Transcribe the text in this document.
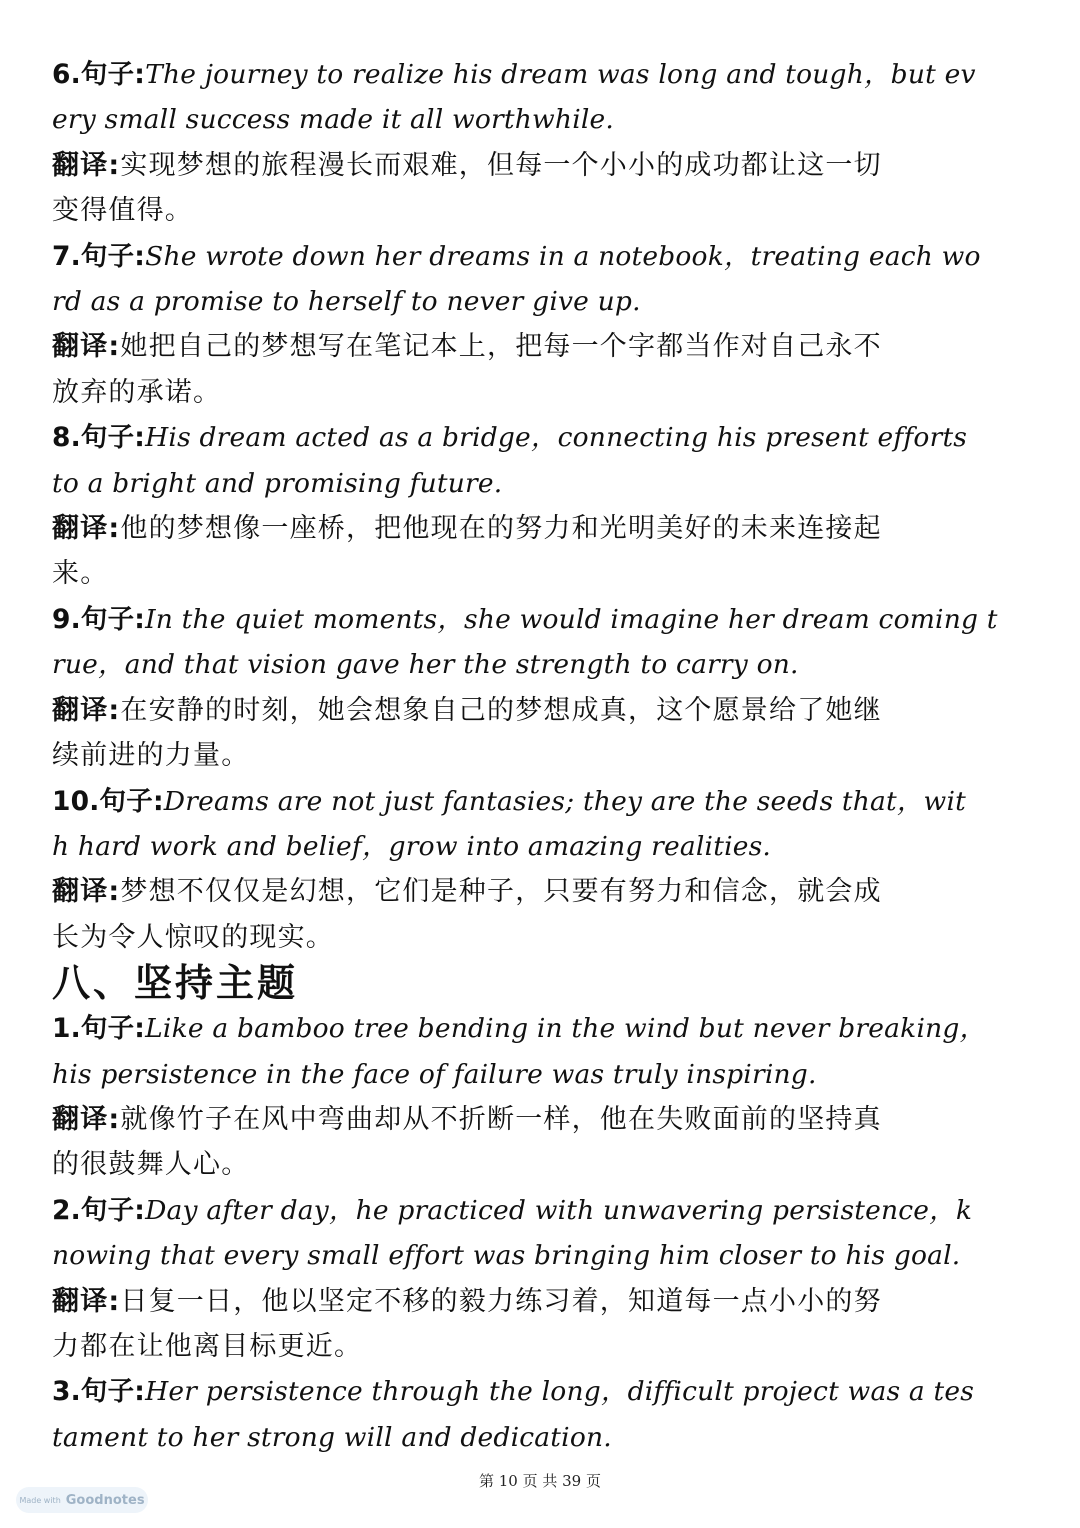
6.句子:The journey to realize his dream was long and tough，but ev
ery small success made it all worthwhile.
翻译:实现梦想的旅程漫长而艰难，但每一个小小的成功都让这一切
变得值得。
7.句子:She wrote down her dreams in a notebook，treating each wo
rd as a promise to herself to never give up.
翻译:她把自己的梦想写在笔记本上，把每一个字都当作对自己永不
放弃的承诺。
8.句子:His dream acted as a bridge，connecting his present efforts
to a bright and promising future.
翻译:他的梦想像一座桥，把他现在的努力和光明美好的未来连接起
来。
9.句子:In the quiet moments，she would imagine her dream coming t
rue，and that vision gave her the strength to carry on.
翻译:在安静的时刻，她会想象自己的梦想成真，这个愿景给了她继
续前进的力量。
10.句子:Dreams are not just fantasies; they are the seeds that，wit
h hard work and belief，grow into amazing realities.
翻译:梦想不仅仅是幻想，它们是种子，只要有努力和信念，就会成
长为令人惊叹的现实。
八、坚持主题
1.句子:Like a bamboo tree bending in the wind but never breaking，
his persistence in the face of failure was truly inspiring.
翻译:就像竹子在风中弯曲却从不折断一样，他在失败面前的坚持真
的很鼓舞人心。
2.句子:Day after day，he practiced with unwavering persistence，k
nowing that every small effort was bringing him closer to his goal.
翻译:日复一日，他以坚定不移的毅力练习着，知道每一点小小的努
力都在让他离目标更近。
3.句子:Her persistence through the long，difficult project was a tes
tament to her strong will and dedication.
第 10 页 共 39 页
Made with Goodnotes
